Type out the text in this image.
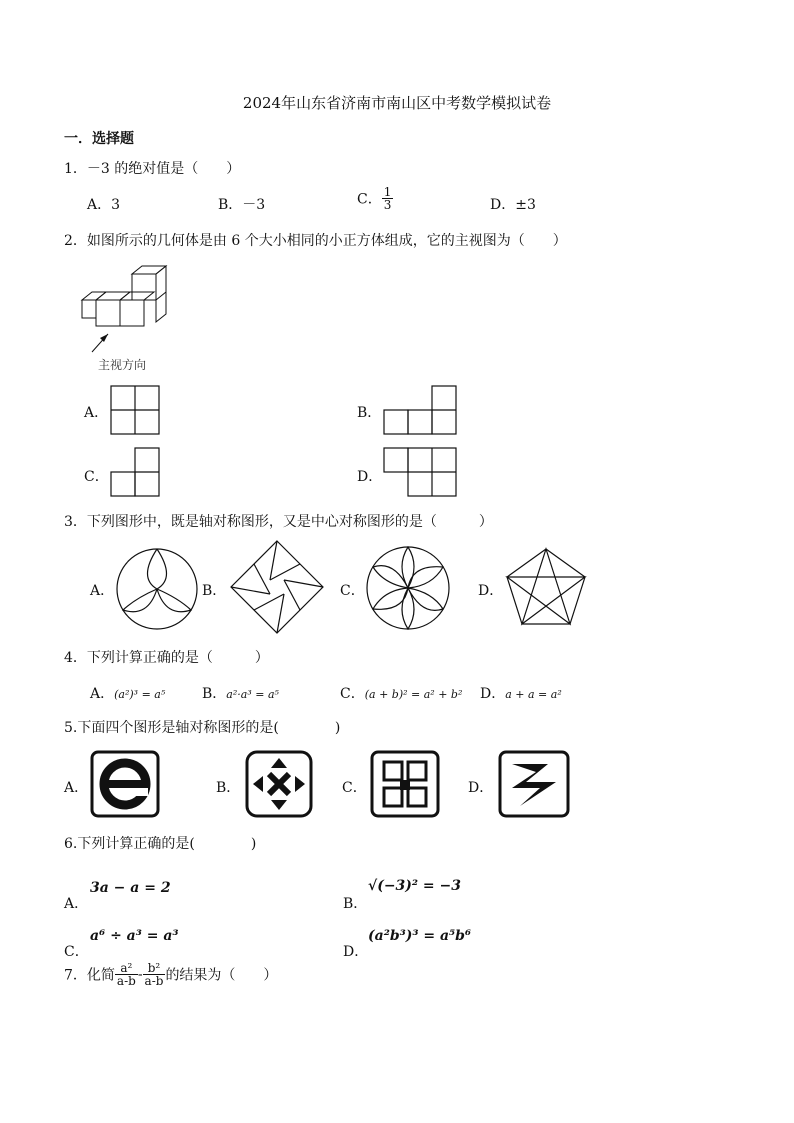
2024年山东省济南市南山区中考数学模拟试卷
一．选择题
1．－3 的绝对值是（　　）
A．3	B．－3	C． $\frac{1}{3}$	D．±3
2．如图所示的几何体是由 6 个大小相同的小正方体组成，它的主视图为（　　）
主视方向
A．	B．
C．	D．
3．下列图形中，既是轴对称图形，又是中心对称图形的是（　　　）
A．	B．	C．	D．
4．下列计算正确的是（　　　）
A．(a²)³ = a⁵	B．a²·a³ = a⁵	C．(a + b)² = a² + b² D．a + a = a²
5.下面四个图形是轴对称图形的是(　　　　)
A．	B．	C．	D．
6.下列计算正确的是(　　　　)
A．
3a − a = 2
B．
√(−3)² = −3
C．
a⁶ ÷ a³ = a³
D．
(a²b³)³ = a⁵b⁶
7．化简 $\frac{\text{a²}}{a-b} - \frac{\text{b²}}{a-b}$ 的结果为（　　）
